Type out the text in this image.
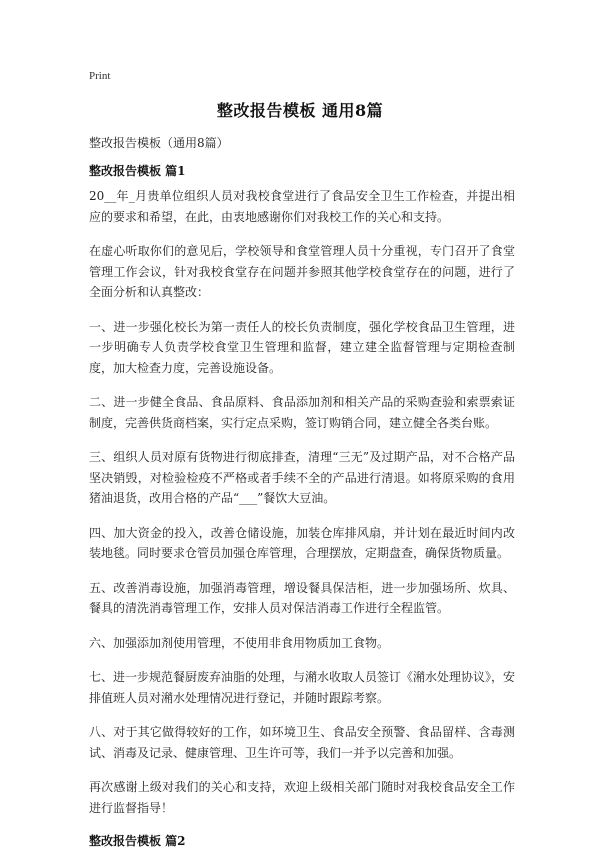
Print
整改报告模板 通用8篇

整改报告模板（通用8篇）

整改报告模板 篇1

20__年_月贵单位组织人员对我校食堂进行了食品安全卫生工作检查，并提出相应的要求和希望，在此，由衷地感谢你们对我校工作的关心和支持。

在虚心听取你们的意见后，学校领导和食堂管理人员十分重视，专门召开了食堂管理工作会议，针对我校食堂存在问题并参照其他学校食堂存在的问题，进行了全面分析和认真整改：

一、进一步强化校长为第一责任人的校长负责制度，强化学校食品卫生管理，进一步明确专人负责学校食堂卫生管理和监督，建立建全监督管理与定期检查制度，加大检查力度，完善设施设备。

二、进一步健全食品、食品原料、食品添加剂和相关产品的采购查验和索票索证制度，完善供货商档案，实行定点采购，签订购销合同，建立健全各类台账。

三、组织人员对原有货物进行彻底排查，清理“三无”及过期产品，对不合格产品坚决销毁，对检验检疫不严格或者手续不全的产品进行清退。如将原采购的食用猪油退货，改用合格的产品“___”餐饮大豆油。

四、加大资金的投入，改善仓储设施，加装仓库排风扇，并计划在最近时间内改装地毯。同时要求仓管员加强仓库管理，合理摆放，定期盘查，确保货物质量。

五、改善消毒设施，加强消毒管理，增设餐具保洁柜，进一步加强场所、炊具、餐具的清洗消毒管理工作，安排人员对保洁消毒工作进行全程监管。

六、加强添加剂使用管理，不使用非食用物质加工食物。

七、进一步规范餐厨废弃油脂的处理，与潲水收取人员签订《潲水处理协议》，安排值班人员对潲水处理情况进行登记，并随时跟踪考察。

八、对于其它做得较好的工作，如环境卫生、食品安全预警、食品留样、含毒测试、消毒及记录、健康管理、卫生许可等，我们一并予以完善和加强。

再次感谢上级对我们的关心和支持，欢迎上级相关部门随时对我校食品安全工作进行监督指导！

整改报告模板 篇2
